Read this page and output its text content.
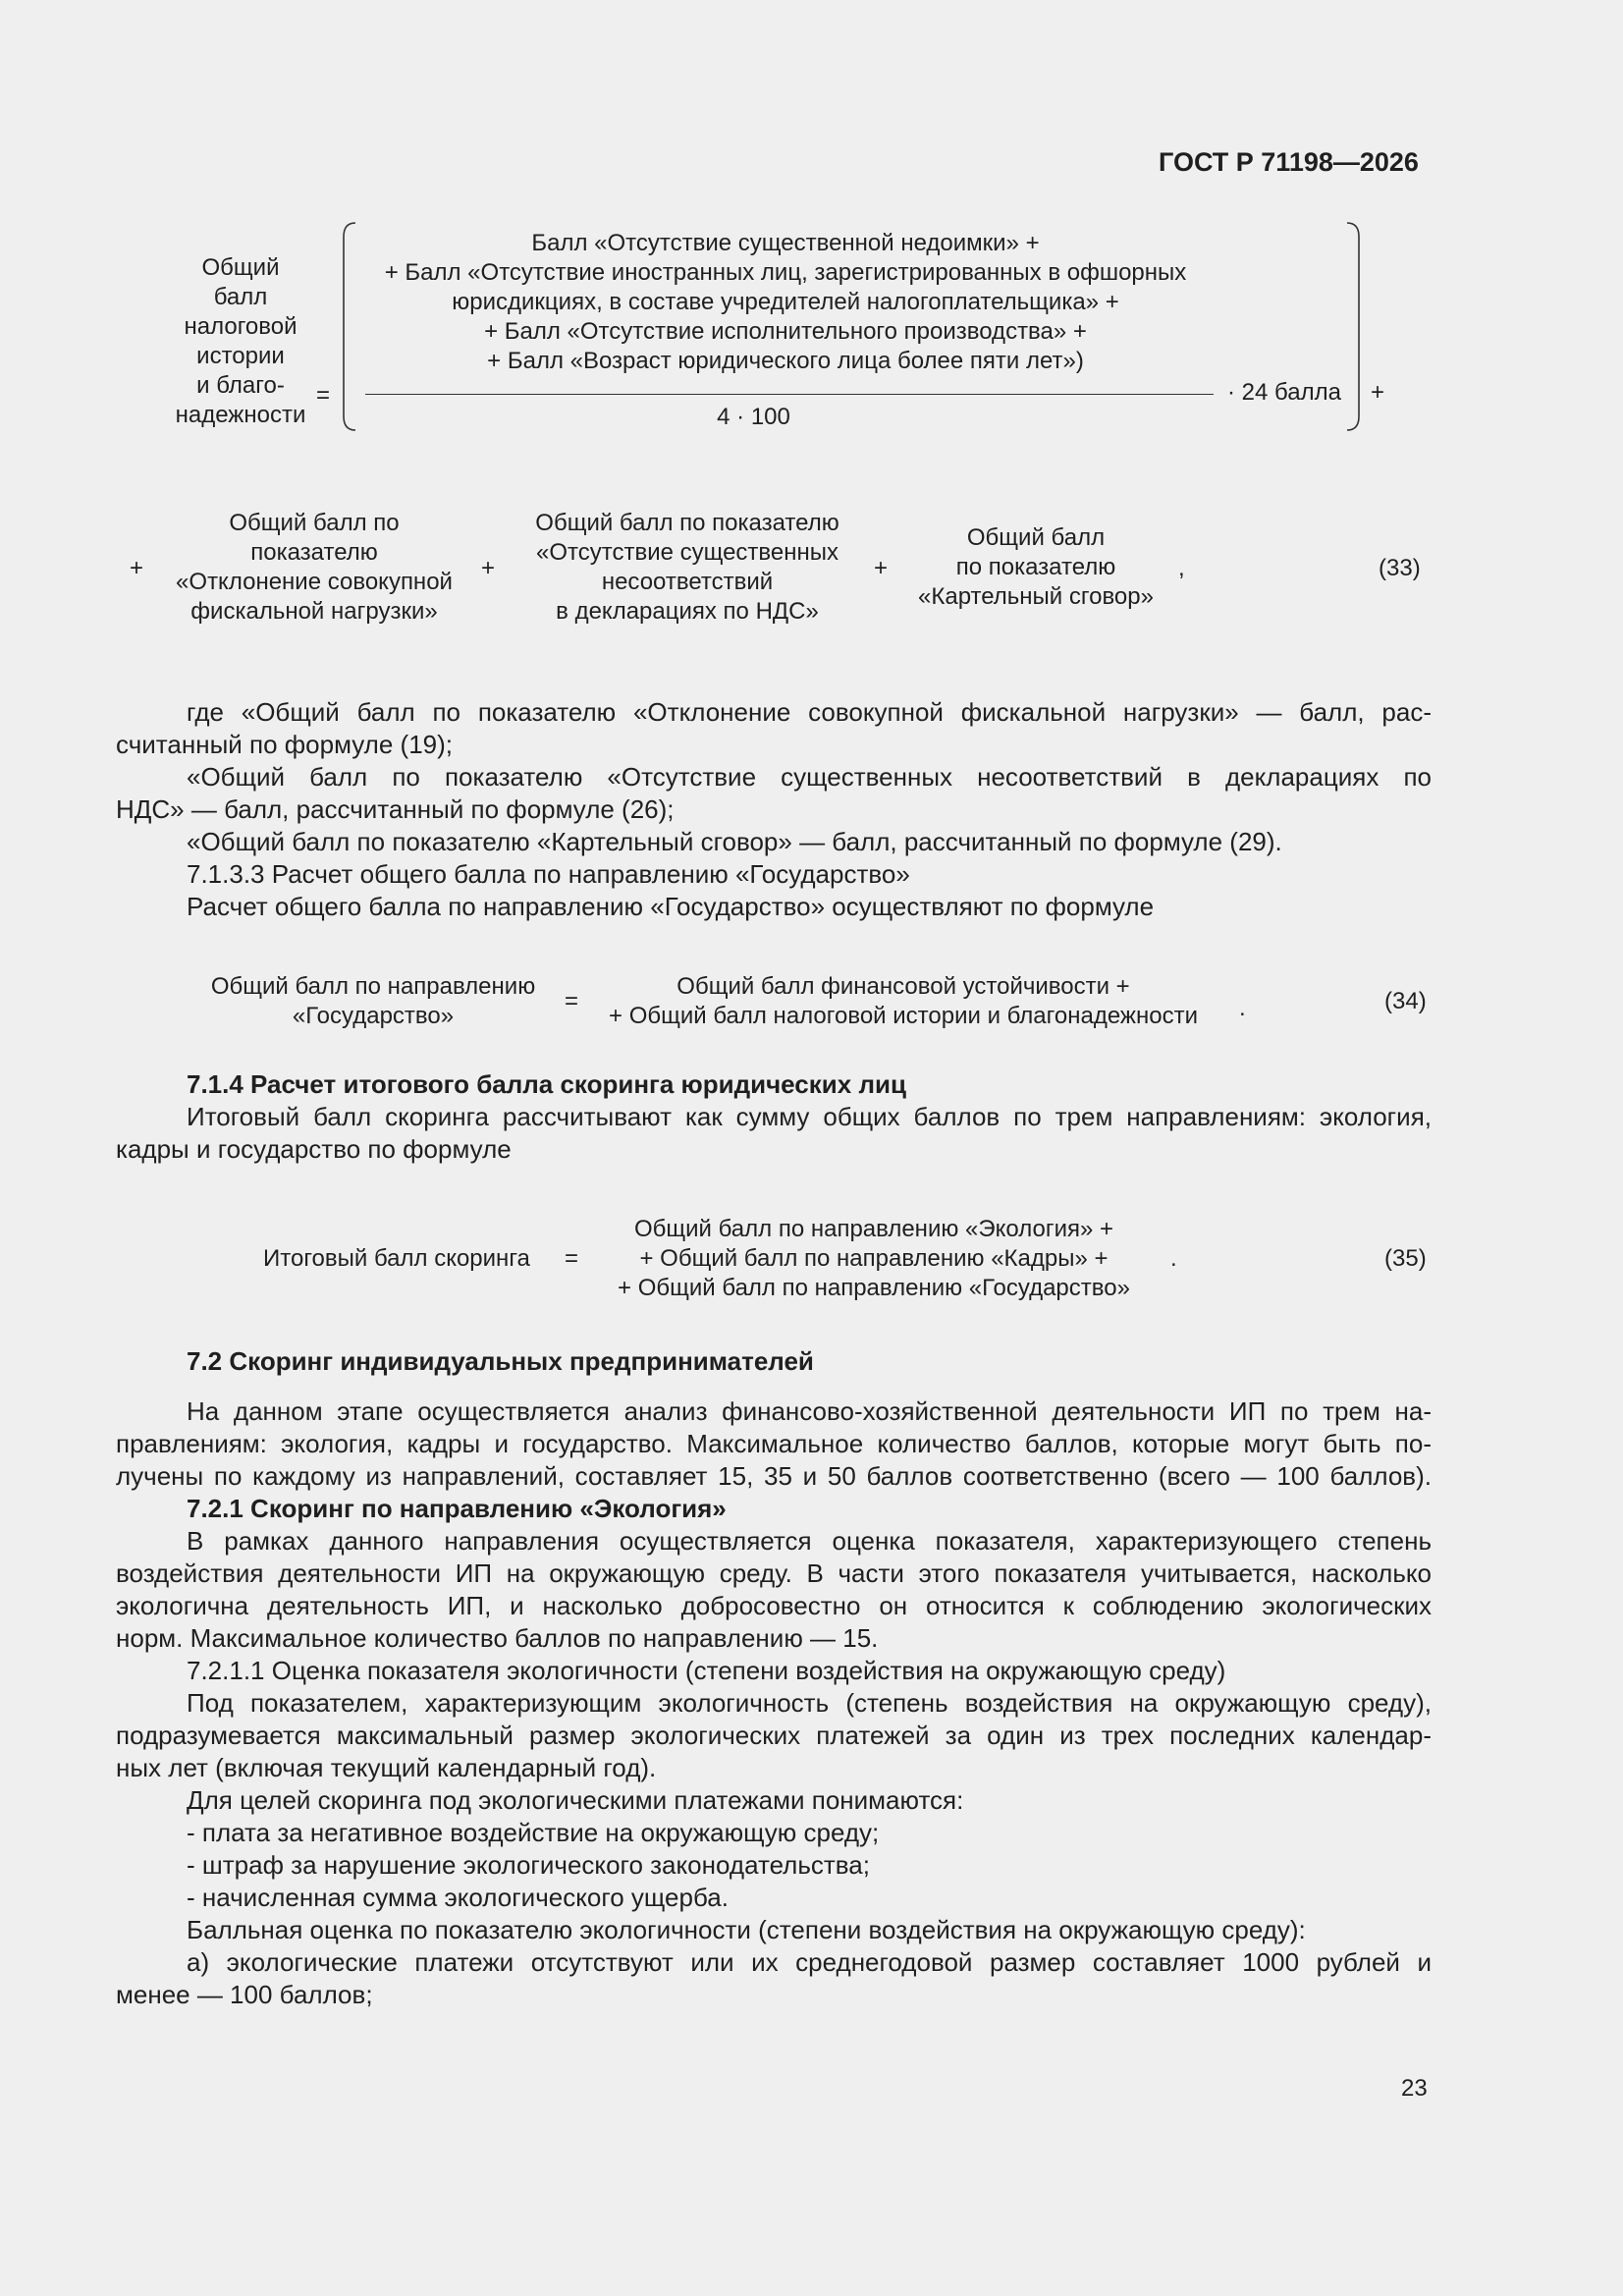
ГОСТ Р 71198—2026
Общий
балл
налоговой
истории
и благо-
надежности
=
Балл «Отсутствие существенной недоимки» +
+ Балл «Отсутствие иностранных лиц, зарегистрированных в офшорных
юрисдикциях, в составе учредителей налогоплательщика» +
+ Балл «Отсутствие исполнительного производства» +
+ Балл «Возраст юридического лица более пяти лет»)
4 · 100
· 24 балла +
+
Общий балл по
показателю
«Отклонение совокупной
фискальной нагрузки»
+
Общий балл по показателю
«Отсутствие существенных
несоответствий
в декларациях по НДС»
+
Общий балл
по показателю
«Картельный сговор»
,	(33)
где «Общий балл по показателю «Отклонение совокупной фискальной нагрузки» — балл, рас-
считанный по формуле (19);
«Общий балл по показателю «Отсутствие существенных несоответствий в декларациях по
НДС» — балл, рассчитанный по формуле (26);
«Общий балл по показателю «Картельный сговор» — балл, рассчитанный по формуле (29).
7.1.3.3 Расчет общего балла по направлению «Государство»
Расчет общего балла по направлению «Государство» осуществляют по формуле
Общий балл по направлению
«Государство»
=
Общий балл финансовой устойчивости +
+ Общий балл налоговой истории и благонадежности	.	(34)
7.1.4 Расчет итогового балла скоринга юридических лиц
Итоговый балл скоринга рассчитывают как сумму общих баллов по трем направлениям: экология,
кадры и государство по формуле
Итоговый балл скоринга =
Общий балл по направлению «Экология» +
+ Общий балл по направлению «Кадры» +
+ Общий балл по направлению «Государство»
.	(35)
7.2 Скоринг индивидуальных предпринимателей
На данном этапе осуществляется анализ финансово-хозяйственной деятельности ИП по трем на-
правлениям: экология, кадры и государство. Максимальное количество баллов, которые могут быть по-
лучены по каждому из направлений, составляет 15, 35 и 50 баллов соответственно (всего — 100 баллов).
7.2.1 Скоринг по направлению «Экология»
В рамках данного направления осуществляется оценка показателя, характеризующего степень
воздействия деятельности ИП на окружающую среду. В части этого показателя учитывается, насколько
экологична деятельность ИП, и насколько добросовестно он относится к соблюдению экологических
норм. Максимальное количество баллов по направлению — 15.
7.2.1.1 Оценка показателя экологичности (степени воздействия на окружающую среду)
Под показателем, характеризующим экологичность (степень воздействия на окружающую среду),
подразумевается максимальный размер экологических платежей за один из трех последних календар-
ных лет (включая текущий календарный год).
Для целей скоринга под экологическими платежами понимаются:
- плата за негативное воздействие на окружающую среду;
- штраф за нарушение экологического законодательства;
- начисленная сумма экологического ущерба.
Балльная оценка по показателю экологичности (степени воздействия на окружающую среду):
а) экологические платежи отсутствуют или их среднегодовой размер составляет 1000 рублей и
менее — 100 баллов;
23
